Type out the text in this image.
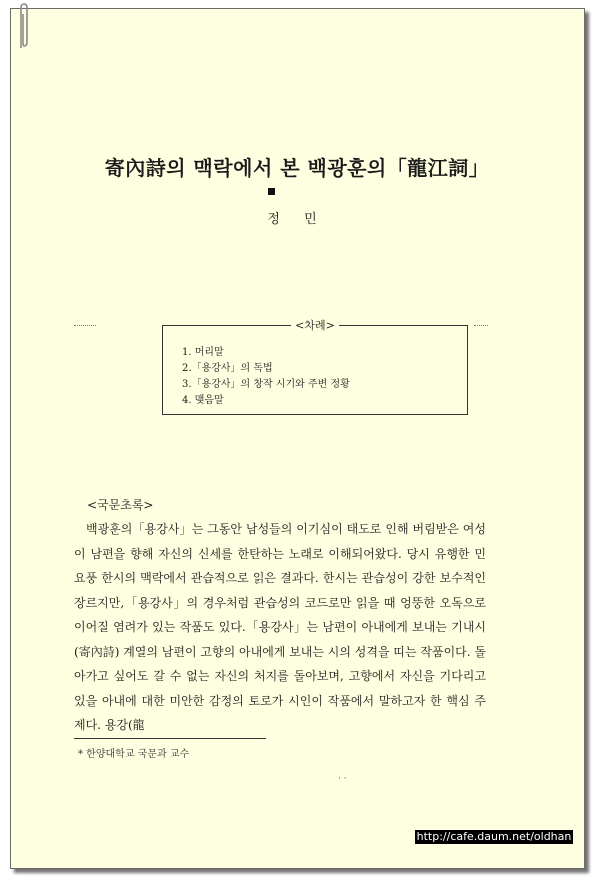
寄內詩의 맥락에서 본 백광훈의「龍江詞」
정 민
<차례>
1. 머리말
2.「용강사」의 독법
3.「용강사」의 창작 시기와 주변 정황
4. 맺음말
<국문초록>

백광훈의「용강사」는 그동안 남성들의 이기심이 태도로 인해 버림받은 여성이 남편을 향해 자신의 신세를 한탄하는 노래로 이해되어왔다. 당시 유행한 민요풍 한시의 맥락에서 관습적으로 읽은 결과다. 한시는 관습성이 강한 보수적인 장르지만,「용강사」의 경우처럼 관습성의 코드로만 읽을 때 엉뚱한 오독으로 이어질 염려가 있는 작품도 있다.「용강사」는 남편이 아내에게 보내는 기내시(寄內詩) 계열의 남편이 고향의 아내에게 보내는 시의 성격을 띠는 작품이다. 돌아가고 싶어도 갈 수 없는 자신의 처지를 돌아보며, 고향에서 자신을 기다리고 있을 아내에 대한 미안한 감정의 토로가 시인이 작품에서 말하고자 한 핵심 주제다. 용강(龍

* 한양대학교 국문과 교수
· ·
http://cafe.daum.net/oldhan
